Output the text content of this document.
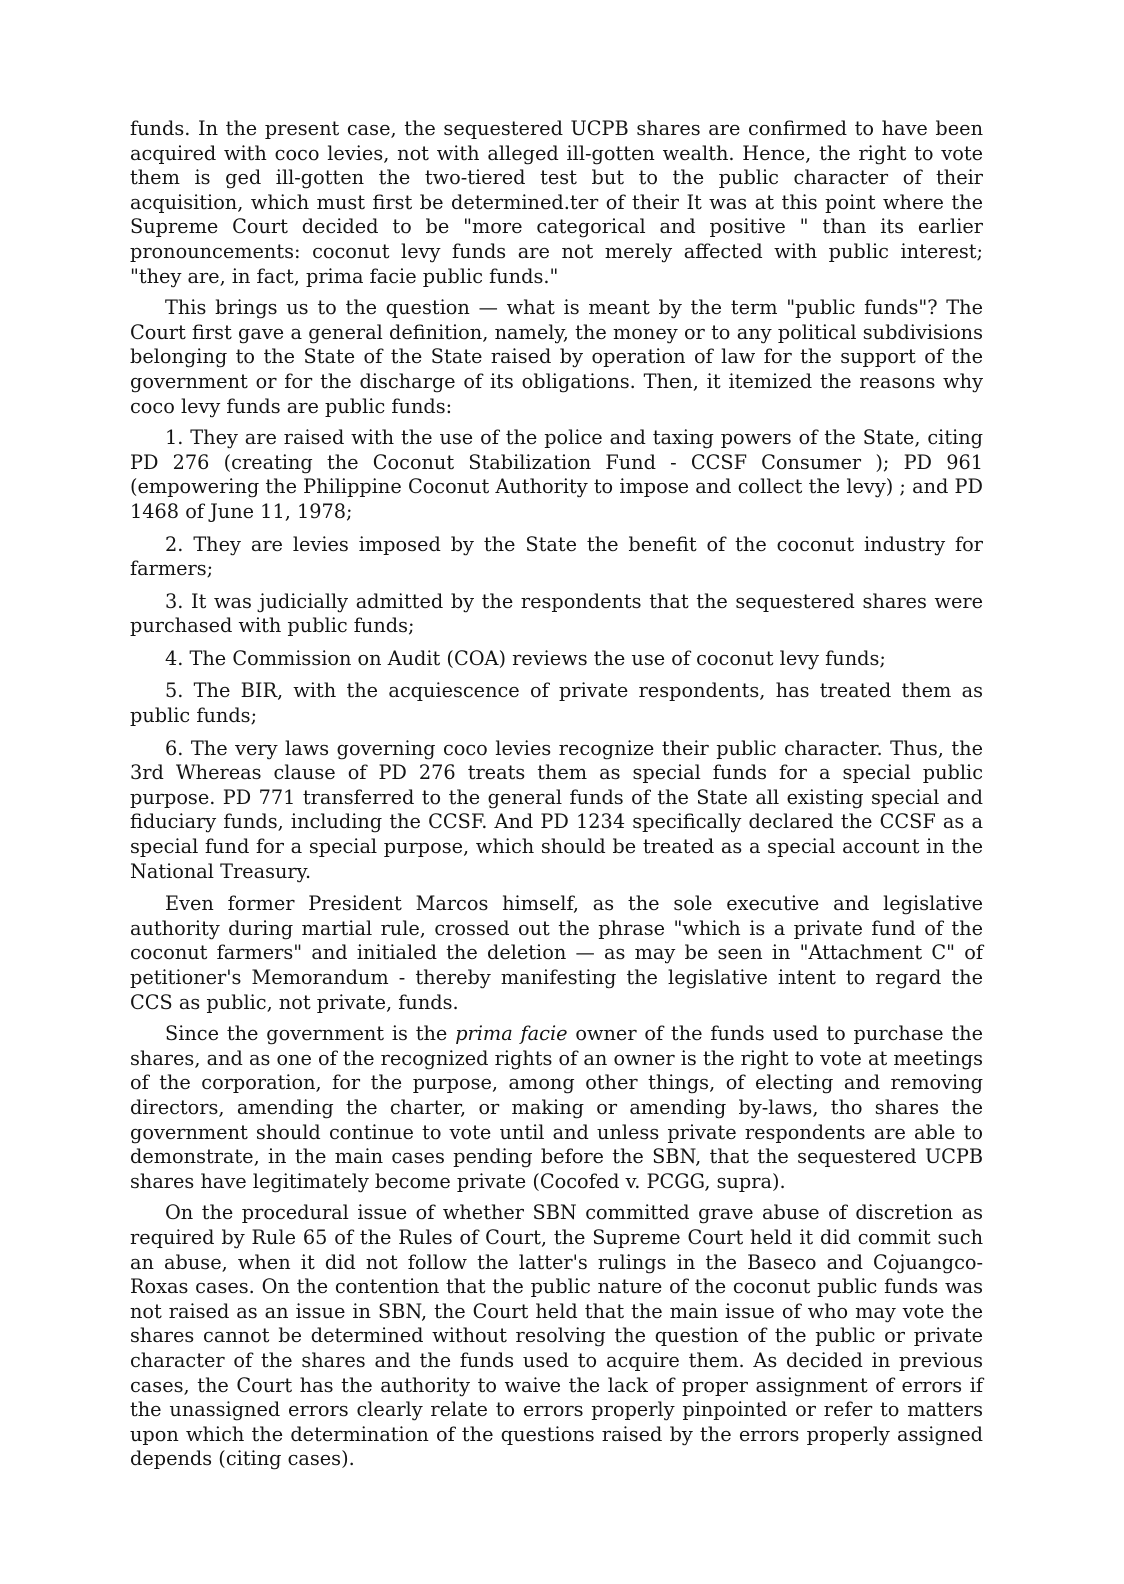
funds. In the present case, the sequestered UCPB shares are confirmed to have been acquired with coco levies, not with alleged ill-gotten wealth. Hence, the right to vote them is ged ill-gotten the two-tiered test but to the public character of their acquisition, which must first be determined.ter of their It was at this point where the Supreme Court decided to be "more categorical and positive " than its earlier pronouncements: coconut levy funds are not merely affected with public interest; "they are, in fact, prima facie public funds."

This brings us to the question — what is meant by the term "public funds"? The Court first gave a general definition, namely, the money or to any political subdivisions belonging to the State of the State raised by operation of law for the support of the government or for the discharge of its obligations. Then, it itemized the reasons why coco levy funds are public funds:

1. They are raised with the use of the police and taxing powers of the State, citing PD 276 (creating the Coconut Stabilization Fund - CCSF Consumer ); PD 961 (empowering the Philippine Coconut Authority to impose and collect the levy) ; and PD 1468 of June 11, 1978;

2. They are levies imposed by the State the benefit of the coconut industry for farmers;

3. It was judicially admitted by the respondents that the sequestered shares were purchased with public funds;

4. The Commission on Audit (COA) reviews the use of coconut levy funds;

5. The BIR, with the acquiescence of private respondents, has treated them as public funds;

6. The very laws governing coco levies recognize their public character. Thus, the 3rd Whereas clause of PD 276 treats them as special funds for a special public purpose. PD 771 transferred to the general funds of the State all existing special and fiduciary funds, including the CCSF. And PD 1234 specifically declared the CCSF as a special fund for a special purpose, which should be treated as a special account in the National Treasury.

Even former President Marcos himself, as the sole executive and legislative authority during martial rule, crossed out the phrase "which is a private fund of the coconut farmers" and initialed the deletion — as may be seen in "Attachment C" of petitioner's Memorandum - thereby manifesting the legislative intent to regard the CCS as public, not private, funds.

Since the government is the prima facie owner of the funds used to purchase the shares, and as one of the recognized rights of an owner is the right to vote at meetings of the corporation, for the purpose, among other things, of electing and removing directors, amending the charter, or making or amending by-laws, tho shares the government should continue to vote until and unless private respondents are able to demonstrate, in the main cases pending before the SBN, that the sequestered UCPB shares have legitimately become private (Cocofed v. PCGG, supra).

On the procedural issue of whether SBN committed grave abuse of discretion as required by Rule 65 of the Rules of Court, the Supreme Court held it did commit such an abuse, when it did not follow the latter's rulings in the Baseco and Cojuangco-Roxas cases. On the contention that the public nature of the coconut public funds was not raised as an issue in SBN, the Court held that the main issue of who may vote the shares cannot be determined without resolving the question of the public or private character of the shares and the funds used to acquire them. As decided in previous cases, the Court has the authority to waive the lack of proper assignment of errors if the unassigned errors clearly relate to errors properly pinpointed or refer to matters upon which the determination of the questions raised by the errors properly assigned depends (citing cases).
